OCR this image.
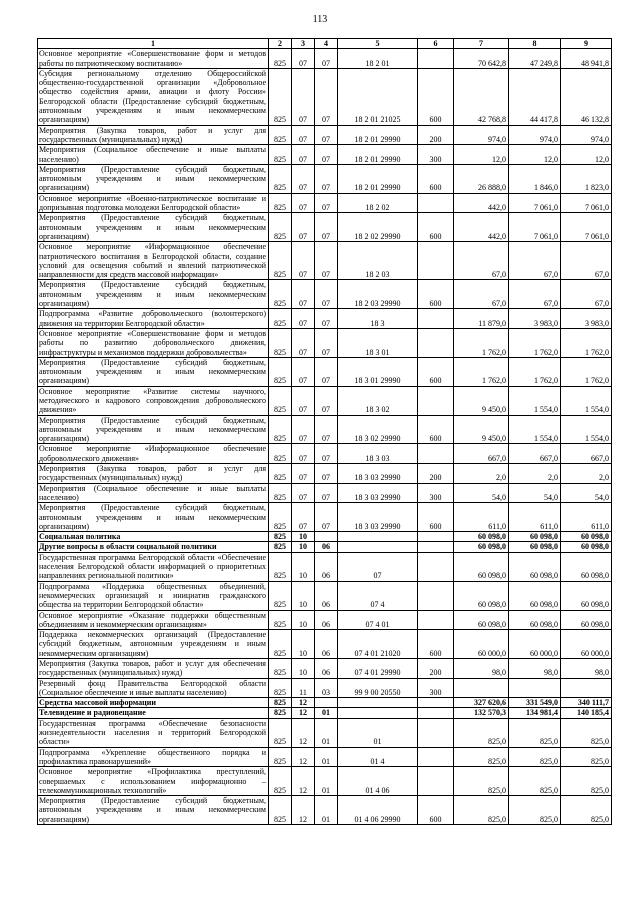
113
1	2	3	4	5	6	7	8	9
Основное мероприятие «Совершенствование форм и методов работы по патриотическому воспитанию»	825	07	07	18 2 01		70 642,8	47 249,8	48 941,8
Субсидия региональному отделению Общероссийской общественно-государственной организации «Добровольное общество содействия армии, авиации и флоту России» Белгородской области (Предоставление субсидий бюджетным, автономным учреждениям и иным некоммерческим организациям)	825	07	07	18 2 01 21025	600	42 768,8	44 417,8	46 132,8
Мероприятия (Закупка товаров, работ и услуг для государственных (муниципальных) нужд)	825	07	07	18 2 01 29990	200	974,0	974,0	974,0
Мероприятия (Социальное обеспечение и иные выплаты населению)	825	07	07	18 2 01 29990	300	12,0	12,0	12,0
Мероприятия (Предоставление субсидий бюджетным, автономным учреждениям и иным некоммерческим организациям)	825	07	07	18 2 01 29990	600	26 888,0	1 846,0	1 823,0
Основное мероприятие «Военно-патриотическое воспитание и допризывная подготовка молодежи Белгородской области»	825	07	07	18 2 02		442,0	7 061,0	7 061,0
Мероприятия (Предоставление субсидий бюджетным, автономным учреждениям и иным некоммерческим организациям)	825	07	07	18 2 02 29990	600	442,0	7 061,0	7 061,0
Основное мероприятие «Информационное обеспечение патриотического воспитания в Белгородской области, создание условий для освещения событий и явлений патриотической направленности для средств массовой информации»	825	07	07	18 2 03		67,0	67,0	67,0
Мероприятия (Предоставление субсидий бюджетным, автономным учреждениям и иным некоммерческим организациям)	825	07	07	18 2 03 29990	600	67,0	67,0	67,0
Подпрограмма «Развитие добровольческого (волонтерского) движения на территории Белгородской области»	825	07	07	18 3		11 879,0	3 983,0	3 983,0
Основное мероприятие «Совершенствование форм и методов работы по развитию добровольческого движения, инфраструктуры и механизмов поддержки добровольчества»	825	07	07	18 3 01		1 762,0	1 762,0	1 762,0
Мероприятия (Предоставление субсидий бюджетным, автономным учреждениям и иным некоммерческим организациям)	825	07	07	18 3 01 29990	600	1 762,0	1 762,0	1 762,0
Основное мероприятие «Развитие системы научного, методического и кадрового сопровождения добровольческого движения»	825	07	07	18 3 02		9 450,0	1 554,0	1 554,0
Мероприятия (Предоставление субсидий бюджетным, автономным учреждениям и иным некоммерческим организациям)	825	07	07	18 3 02 29990	600	9 450,0	1 554,0	1 554,0
Основное мероприятие «Информационное обеспечение добровольческого движения»	825	07	07	18 3 03		667,0	667,0	667,0
Мероприятия (Закупка товаров, работ и услуг для государственных (муниципальных) нужд)	825	07	07	18 3 03 29990	200	2,0	2,0	2,0
Мероприятия (Социальное обеспечение и иные выплаты населению)	825	07	07	18 3 03 29990	300	54,0	54,0	54,0
Мероприятия (Предоставление субсидий бюджетным, автономным учреждениям и иным некоммерческим организациям)	825	07	07	18 3 03 29990	600	611,0	611,0	611,0
Социальная политика	825	10				60 098,0	60 098,0	60 098,0
Другие вопросы в области социальной политики	825	10	06			60 098,0	60 098,0	60 098,0
Государственная программа Белгородской области «Обеспечение населения Белгородской области информацией о приоритетных направлениях региональной политики»	825	10	06	07		60 098,0	60 098,0	60 098,0
Подпрограмма «Поддержка общественных объединений, некоммерческих организаций и инициатив гражданского общества на территории Белгородской области»	825	10	06	07 4		60 098,0	60 098,0	60 098,0
Основное мероприятие «Оказание поддержки общественным объединениям и некоммерческим организациям»	825	10	06	07 4 01		60 098,0	60 098,0	60 098,0
Поддержка некоммерческих организаций (Предоставление субсидий бюджетным, автономным учреждениям и иным некоммерческим организациям)	825	10	06	07 4 01 21020	600	60 000,0	60 000,0	60 000,0
Мероприятия (Закупка товаров, работ и услуг для обеспечения государственных (муниципальных) нужд)	825	10	06	07 4 01 29990	200	98,0	98,0	98,0
Резервный фонд Правительства Белгородской области (Социальное обеспечение и иные выплаты населению)	825	11	03	99 9 00 20550	300			
Средства массовой информации	825	12				327 620,6	331 549,0	340 111,7
Телевидение и радиовещание	825	12	01			132 570,3	134 981,4	140 185,4
Государственная программа «Обеспечение безопасности жизнедеятельности населения и территорий Белгородской области»	825	12	01	01		825,0	825,0	825,0
Подпрограмма «Укрепление общественного порядка и профилактика правонарушений»	825	12	01	01 4		825,0	825,0	825,0
Основное мероприятие «Профилактика преступлений, совершаемых с использованием информационно – телекоммуникационных технологий»	825	12	01	01 4 06		825,0	825,0	825,0
Мероприятия (Предоставление субсидий бюджетным, автономным учреждениям и иным некоммерческим организациям)	825	12	01	01 4 06 29990	600	825,0	825,0	825,0
